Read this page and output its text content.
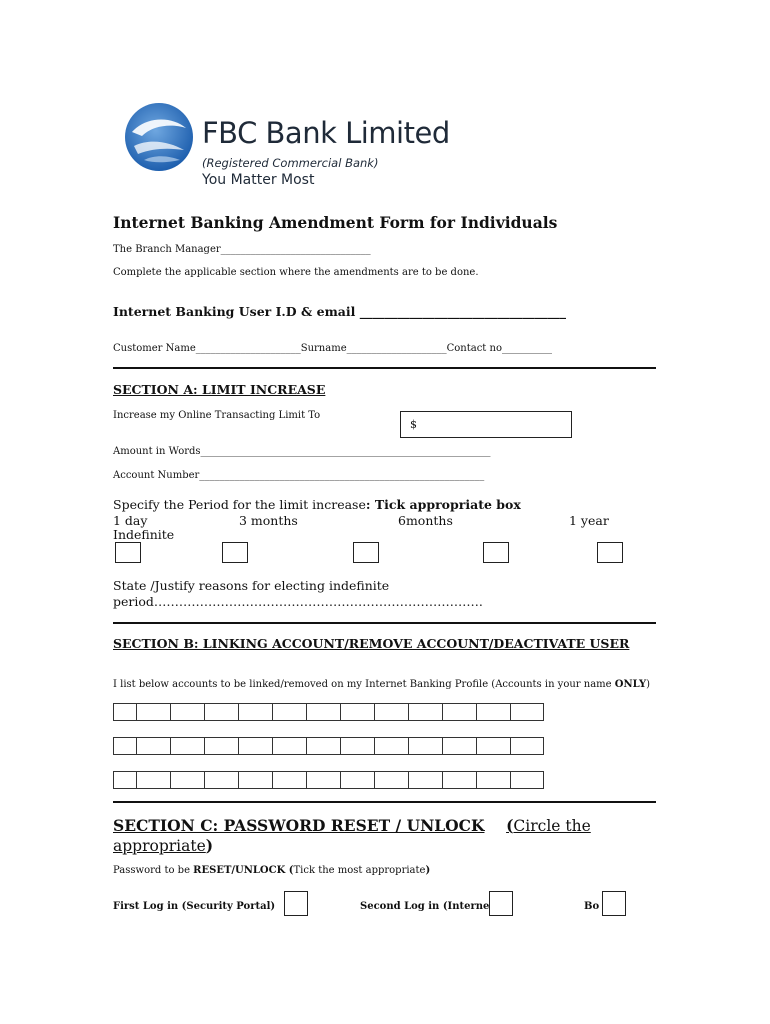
FBC Bank Limited
(Registered Commercial Bank)
You Matter Most
Internet Banking Amendment Form for Individuals
The Branch Manager______________________________
Complete the applicable section where the amendments are to be done.
Internet Banking User I.D & email _________________________________
Customer Name_____________________Surname____________________Contact no__________
SECTION A: LIMIT INCREASE
Increase my Online Transacting Limit To
$
Amount in Words__________________________________________________________
Account Number_________________________________________________________
Specify the Period for the limit increase: Tick appropriate box
1 day	3 months	6months	1 year
Indefinite
State /Justify reasons for electing indefinite
period…………………………………………………………………….
SECTION B: LINKING ACCOUNT/REMOVE ACCOUNT/DEACTIVATE USER
I list below accounts to be linked/removed on my Internet Banking Profile (Accounts in your name ONLY)
SECTION C: PASSWORD RESET / UNLOCK (Circle the
appropriate)
Password to be RESET/UNLOCK (Tick the most appropriate)
First Log in (Security Portal)	Second Log in (Interne	Bo
